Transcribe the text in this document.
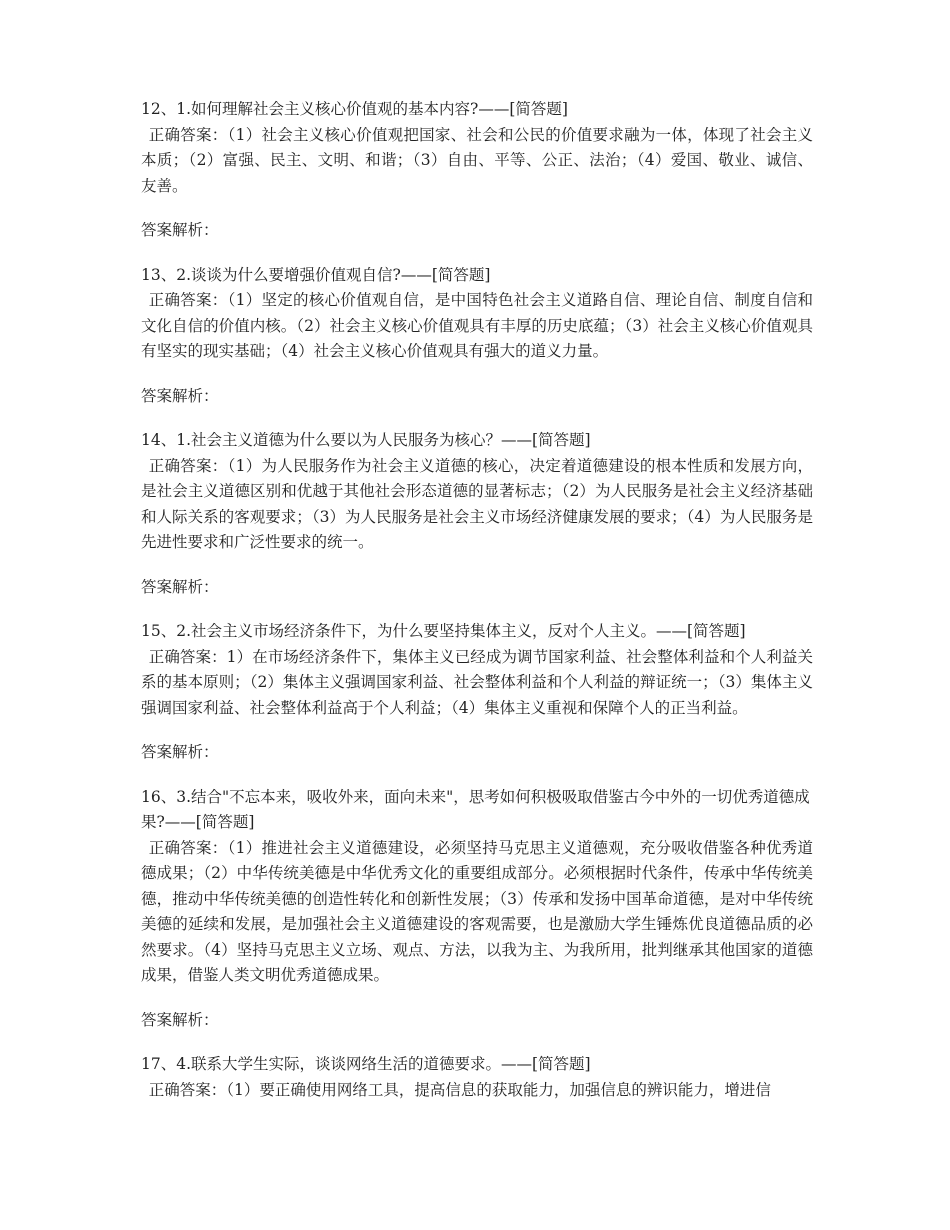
12、1.如何理解社会主义核心价值观的基本内容?——[简答题]

正确答案：（1）社会主义核心价值观把国家、社会和公民的价值要求融为一体，体现了社会主义本质；（2）富强、民主、文明、和谐；（3）自由、平等、公正、法治；（4）爱国、敬业、诚信、友善。

答案解析：

13、2.谈谈为什么要增强价值观自信?——[简答题]

正确答案：（1）坚定的核心价值观自信，是中国特色社会主义道路自信、理论自信、制度自信和文化自信的价值内核。（2）社会主义核心价值观具有丰厚的历史底蕴；（3）社会主义核心价值观具有坚实的现实基础；（4）社会主义核心价值观具有强大的道义力量。

答案解析：

14、1.社会主义道德为什么要以为人民服务为核心？——[简答题]

正确答案：（1）为人民服务作为社会主义道德的核心，决定着道德建设的根本性质和发展方向，是社会主义道德区别和优越于其他社会形态道德的显著标志；（2）为人民服务是社会主义经济基础和人际关系的客观要求；（3）为人民服务是社会主义市场经济健康发展的要求；（4）为人民服务是先进性要求和广泛性要求的统一。

答案解析：

15、2.社会主义市场经济条件下，为什么要坚持集体主义，反对个人主义。——[简答题]

正确答案：1）在市场经济条件下，集体主义已经成为调节国家利益、社会整体利益和个人利益关系的基本原则；（2）集体主义强调国家利益、社会整体利益和个人利益的辩证统一；（3）集体主义强调国家利益、社会整体利益高于个人利益；（4）集体主义重视和保障个人的正当利益。

答案解析：

16、3.结合"不忘本来，吸收外来，面向未来"，思考如何积极吸取借鉴古今中外的一切优秀道德成果?——[简答题]

正确答案：（1）推进社会主义道德建设，必须坚持马克思主义道德观，充分吸收借鉴各种优秀道德成果；（2）中华传统美德是中华优秀文化的重要组成部分。必须根据时代条件，传承中华传统美德，推动中华传统美德的创造性转化和创新性发展；（3）传承和发扬中国革命道德，是对中华传统美德的延续和发展，是加强社会主义道德建设的客观需要，也是激励大学生锤炼优良道德品质的必然要求。（4）坚持马克思主义立场、观点、方法，以我为主、为我所用，批判继承其他国家的道德成果，借鉴人类文明优秀道德成果。

答案解析：

17、4.联系大学生实际，谈谈网络生活的道德要求。——[简答题]

正确答案：（1）要正确使用网络工具，提高信息的获取能力，加强信息的辨识能力，增进信
